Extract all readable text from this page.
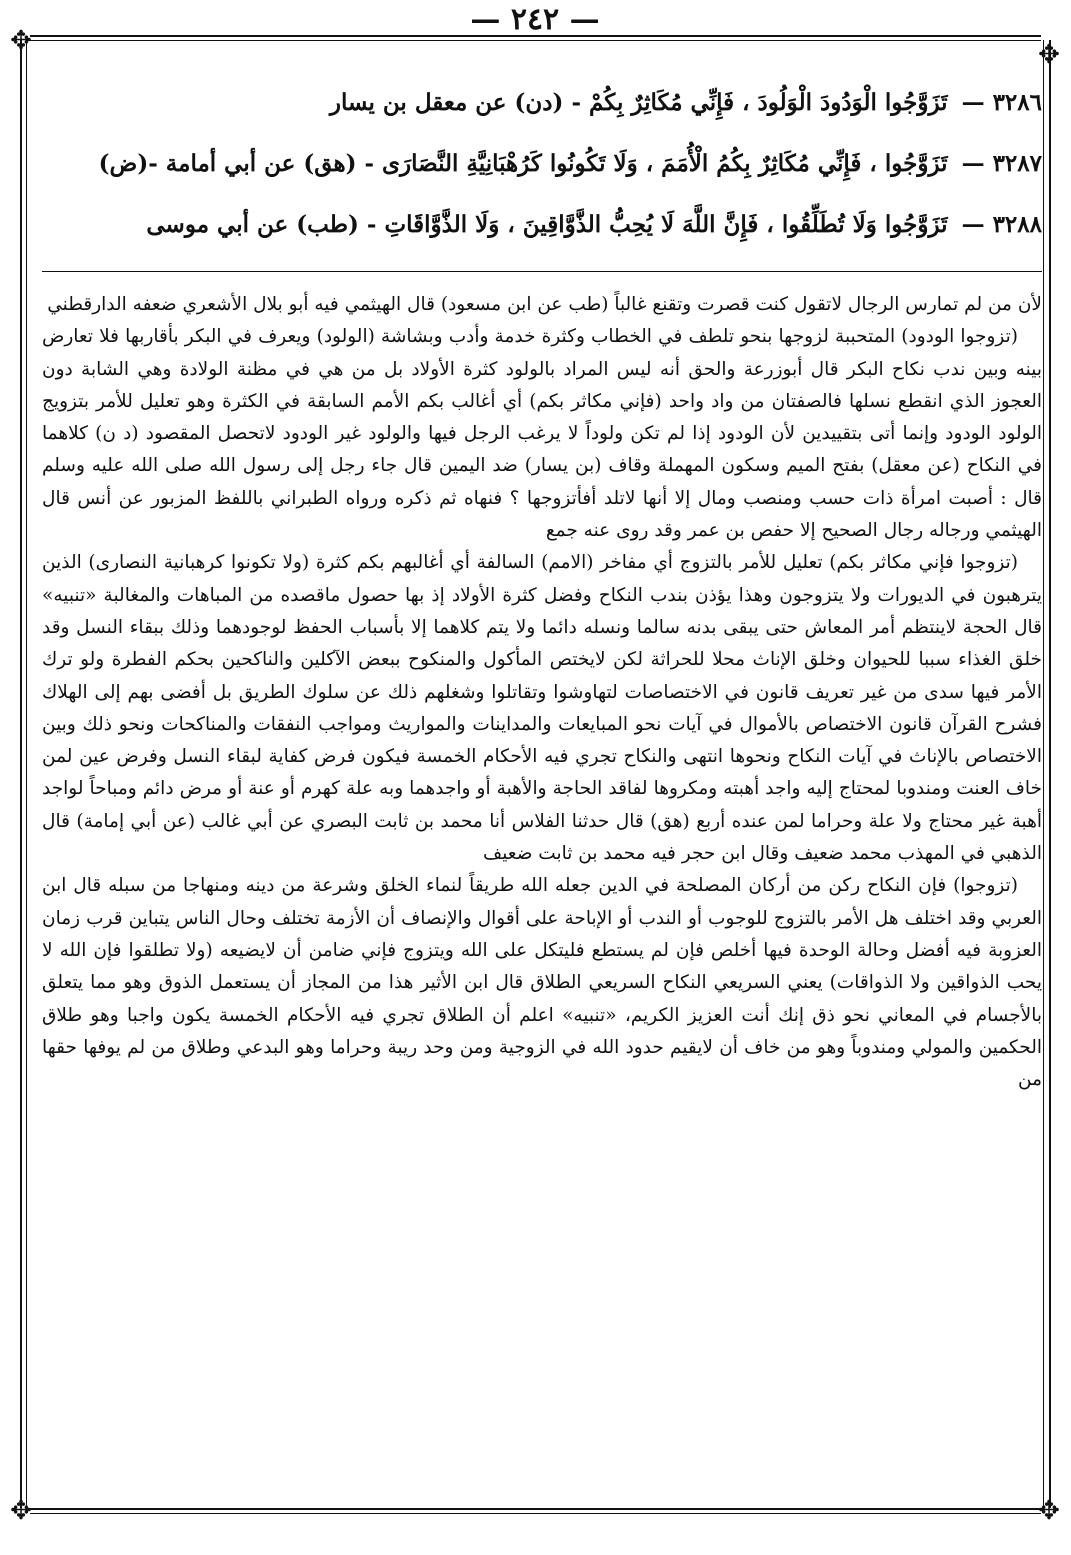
✥	✥
✥	✥
— ٢٤٢ —
٣٢٨٦ — تَزَوَّجُوا الْوَدُودَ الْوَلُودَ ، فَإِنِّي مُكَاثِرٌ بِكُمْ - (دن) عن معقل بن يسار
٣٢٨٧ — تَزَوَّجُوا ، فَإِنِّي مُكَاثِرٌ بِكُمُ الْأُمَمَ ، وَلَا تَكُونُوا كَرُهْبَانِيَّةِ النَّصَارَى - (هق) عن أبي أمامة -(ض)
٣٢٨٨ — تَزَوَّجُوا وَلَا تُطَلِّقُوا ، فَإِنَّ اللَّهَ لَا يُحِبُّ الذَّوَّاقِينَ ، وَلَا الذَّوَّاقَاتِ - (طب) عن أبي موسى

لأن من لم تمارس الرجال لاتقول كنت قصرت وتقنع غالباً (طب عن ابن مسعود) قال الهيثمي فيه أبو بلال الأشعري ضعفه الدارقطني

(تزوجوا الودود) المتحببة لزوجها بنحو تلطف في الخطاب وكثرة خدمة وأدب وبشاشة (الولود) ويعرف في البكر بأقاربها فلا تعارض بينه وبين ندب نكاح البكر قال أبوزرعة والحق أنه ليس المراد بالولود كثرة الأولاد بل من هي في مظنة الولادة وهي الشابة دون العجوز الذي انقطع نسلها فالصفتان من واد واحد (فإني مكاثر بكم) أي أغالب بكم الأمم السابقة في الكثرة وهو تعليل للأمر بتزويج الولود الودود وإنما أتى بتقييدين لأن الودود إذا لم تكن ولوداً لا يرغب الرجل فيها والولود غير الودود لاتحصل المقصود (د ن) كلاهما في النكاح (عن معقل) بفتح الميم وسكون المهملة وقاف (بن يسار) ضد اليمين قال جاء رجل إلى رسول الله صلى الله عليه وسلم قال : أصبت امرأة ذات حسب ومنصب ومال إلا أنها لاتلد أفأتزوجها ؟ فنهاه ثم ذكره ورواه الطبراني باللفظ المزبور عن أنس قال الهيثمي ورجاله رجال الصحيح إلا حفص بن عمر وقد روى عنه جمع

(تزوجوا فإني مكاثر بكم) تعليل للأمر بالتزوج أي مفاخر (الامم) السالفة أي أغالبهم بكم كثرة (ولا تكونوا كرهبانية النصارى) الذين يترهبون في الديورات ولا يتزوجون وهذا يؤذن بندب النكاح وفضل كثرة الأولاد إذ بها حصول ماقصده من المباهات والمغالبة «تنبيه» قال الحجة لاينتظم أمر المعاش حتى يبقى بدنه سالما ونسله دائما ولا يتم كلاهما إلا بأسباب الحفظ لوجودهما وذلك ببقاء النسل وقد خلق الغذاء سببا للحيوان وخلق الإناث محلا للحراثة لكن لايختص المأكول والمنكوح ببعض الآكلين والناكحين بحكم الفطرة ولو ترك الأمر فيها سدى من غير تعريف قانون في الاختصاصات لتهاوشوا وتقاتلوا وشغلهم ذلك عن سلوك الطريق بل أفضى بهم إلى الهلاك فشرح القرآن قانون الاختصاص بالأموال في آيات نحو المبايعات والمداينات والمواريث ومواجب النفقات والمناكحات ونحو ذلك وبين الاختصاص بالإناث في آيات النكاح ونحوها انتهى والنكاح تجري فيه الأحكام الخمسة فيكون فرض كفاية لبقاء النسل وفرض عين لمن خاف العنت ومندوبا لمحتاج إليه واجد أهبته ومكروها لفاقد الحاجة والأهبة أو واجدهما وبه علة كهرم أو عنة أو مرض دائم ومباحاً لواجد أهبة غير محتاج ولا علة وحراما لمن عنده أربع (هق) قال حدثنا الفلاس أنا محمد بن ثابت البصري عن أبي غالب (عن أبي إمامة) قال الذهبي في المهذب محمد ضعيف وقال ابن حجر فيه محمد بن ثابت ضعيف

(تزوجوا) فإن النكاح ركن من أركان المصلحة في الدين جعله الله طريقاً لنماء الخلق وشرعة من دينه ومنهاجا من سبله قال ابن العربي وقد اختلف هل الأمر بالتزوج للوجوب أو الندب أو الإباحة على أقوال والإنصاف أن الأزمة تختلف وحال الناس يتباين قرب زمان العزوبة فيه أفضل وحالة الوحدة فيها أخلص فإن لم يستطع فليتكل على الله ويتزوج فإني ضامن أن لايضيعه (ولا تطلقوا فإن الله لا يحب الذواقين ولا الذواقات) يعني السريعي النكاح السريعي الطلاق قال ابن الأثير هذا من المجاز أن يستعمل الذوق وهو مما يتعلق بالأجسام في المعاني نحو ذق إنك أنت العزيز الكريم، «تنبيه» اعلم أن الطلاق تجري فيه الأحكام الخمسة يكون واجبا وهو طلاق الحكمين والمولي ومندوباً وهو من خاف أن لايقيم حدود الله في الزوجية ومن وحد ريبة وحراما وهو البدعي وطلاق من لم يوفها حقها من
